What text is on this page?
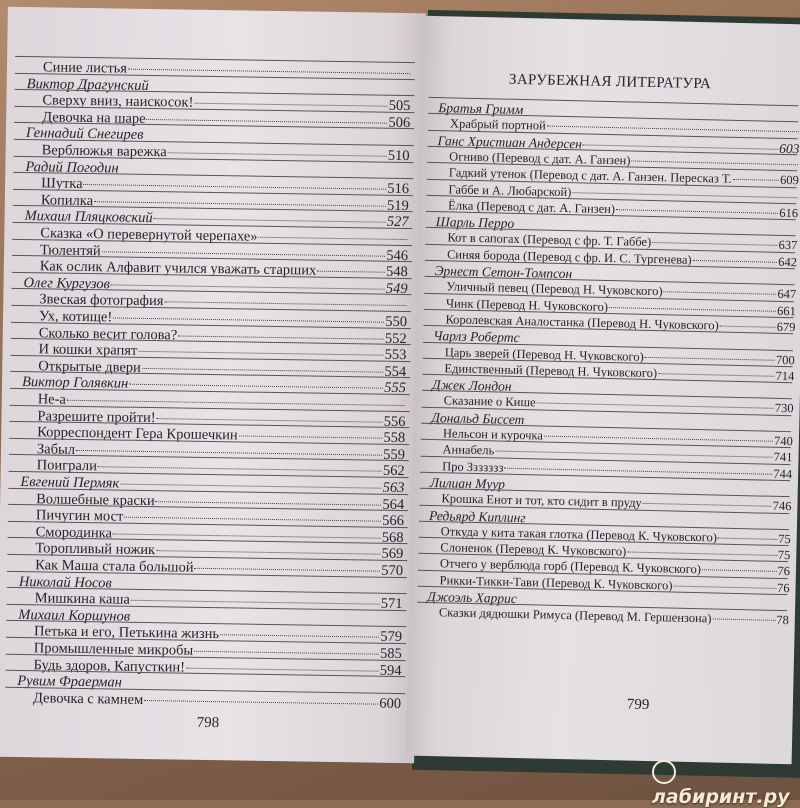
Синие листья
Виктор Драгунский
Сверху вниз, наискосок!	505
Девочка на шаре	506
Геннадий Снегирев
Верблюжья варежка	510
Радий Погодин
Шутка	516
Копилка	519
Михаил Пляцковский	527
Сказка «О перевернутой черепахе»
Тюлентяй	546
Как ослик Алфавит учился уважать старших	548
Олег Кургузов	549
Звеская фотография
Ух, котище!	550
Сколько весит голова?	552
И кошки храпят	553
Открытые двери	554
Виктор Голявкин	555
Не-а
Разрешите пройти!	556
Корреспондент Гера Крошечкин	558
Забыл	559
Поиграли	562
Евгений Пермяк	563
Волшебные краски	564
Пичугин мост	566
Смородинка	568
Торопливый ножик	569
Как Маша стала большой	570
Николай Носов
Мишкина каша	571
Михаил Коршунов
Петька и его, Петькина жизнь	579
Промышленные микробы	585
Будь здоров, Капусткин!	594
Рувим Фраерман
Девочка с камнем	600
798
ЗАРУБЕЖНАЯ ЛИТЕРАТУРА
Братья Гримм
Храбрый портной
Ганс Христиан Андерсен	603
Огниво (Перевод с дат. А. Ганзен)
Гадкий утенок (Перевод с дат. А. Ганзен. Пересказ Т.	609
Габбе и А. Любарской)
Ёлка (Перевод с дат. А. Ганзен)	616
Шарль Перро
Кот в сапогах (Перевод с фр. Т. Габбе)	637
Синяя борода (Перевод с фр. И. С. Тургенева)	642
Эрнест Сетон-Томпсон
Уличный певец (Перевод Н. Чуковского)	647
Чинк (Перевод Н. Чуковского)	661
Королевская Аналостанка (Перевод Н. Чуковского)	679
Чарлз Робертс
Царь зверей (Перевод Н. Чуковского)	700
Единственный (Перевод Н. Чуковского)	714
Джек Лондон
Сказание о Кише	730
Дональд Биссет
Нельсон и курочка	740
Аннабель	741
Про Ззззззз	744
Лилиан Муур
Крошка Енот и тот, кто сидит в пруду	746
Редьярд Киплинг
Откуда у кита такая глотка (Перевод К. Чуковского)	75
Слоненок (Перевод К. Чуковского)	75
Отчего у верблюда горб (Перевод К. Чуковского)	76
Рикки-Тикки-Тави (Перевод К. Чуковского)	76
Джоэль Харрис
Сказки дядюшки Римуса (Перевод М. Гершензона)	78
799
лабиринт.ру
